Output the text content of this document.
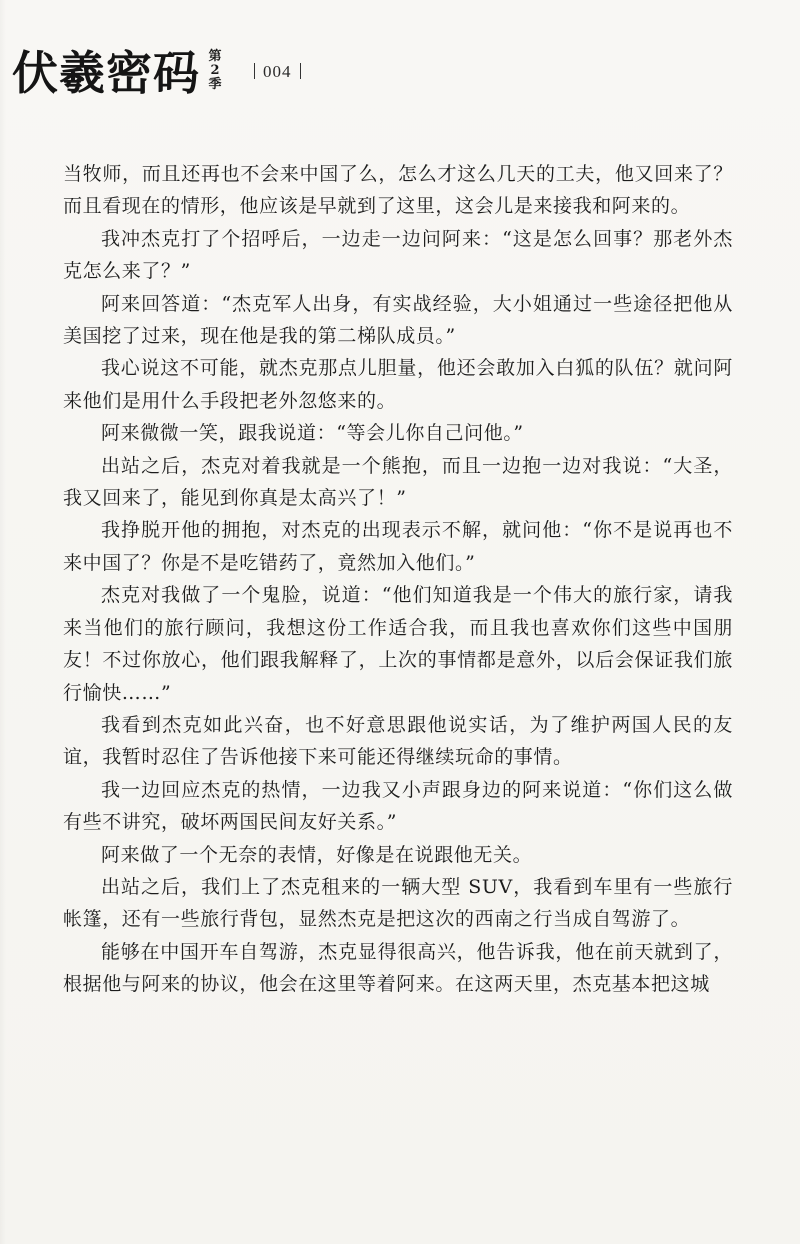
伏羲密码 第
2
季
004

当牧师，而且还再也不会来中国了么，怎么才这么几天的工夫，他又回来了？而且看现在的情形，他应该是早就到了这里，这会儿是来接我和阿来的。

我冲杰克打了个招呼后，一边走一边问阿来：“这是怎么回事？那老外杰克怎么来了？”

阿来回答道：“杰克军人出身，有实战经验，大小姐通过一些途径把他从美国挖了过来，现在他是我的第二梯队成员。”

我心说这不可能，就杰克那点儿胆量，他还会敢加入白狐的队伍？就问阿来他们是用什么手段把老外忽悠来的。

阿来微微一笑，跟我说道：“等会儿你自己问他。”

出站之后，杰克对着我就是一个熊抱，而且一边抱一边对我说：“大圣，我又回来了，能见到你真是太高兴了！”

我挣脱开他的拥抱，对杰克的出现表示不解，就问他：“你不是说再也不来中国了？你是不是吃错药了，竟然加入他们。”

杰克对我做了一个鬼脸，说道：“他们知道我是一个伟大的旅行家，请我来当他们的旅行顾问，我想这份工作适合我，而且我也喜欢你们这些中国朋友！不过你放心，他们跟我解释了，上次的事情都是意外，以后会保证我们旅行愉快……”

我看到杰克如此兴奋，也不好意思跟他说实话，为了维护两国人民的友谊，我暂时忍住了告诉他接下来可能还得继续玩命的事情。

我一边回应杰克的热情，一边我又小声跟身边的阿来说道：“你们这么做有些不讲究，破坏两国民间友好关系。”

阿来做了一个无奈的表情，好像是在说跟他无关。

出站之后，我们上了杰克租来的一辆大型 SUV，我看到车里有一些旅行帐篷，还有一些旅行背包，显然杰克是把这次的西南之行当成自驾游了。

能够在中国开车自驾游，杰克显得很高兴，他告诉我，他在前天就到了，根据他与阿来的协议，他会在这里等着阿来。在这两天里，杰克基本把这城
